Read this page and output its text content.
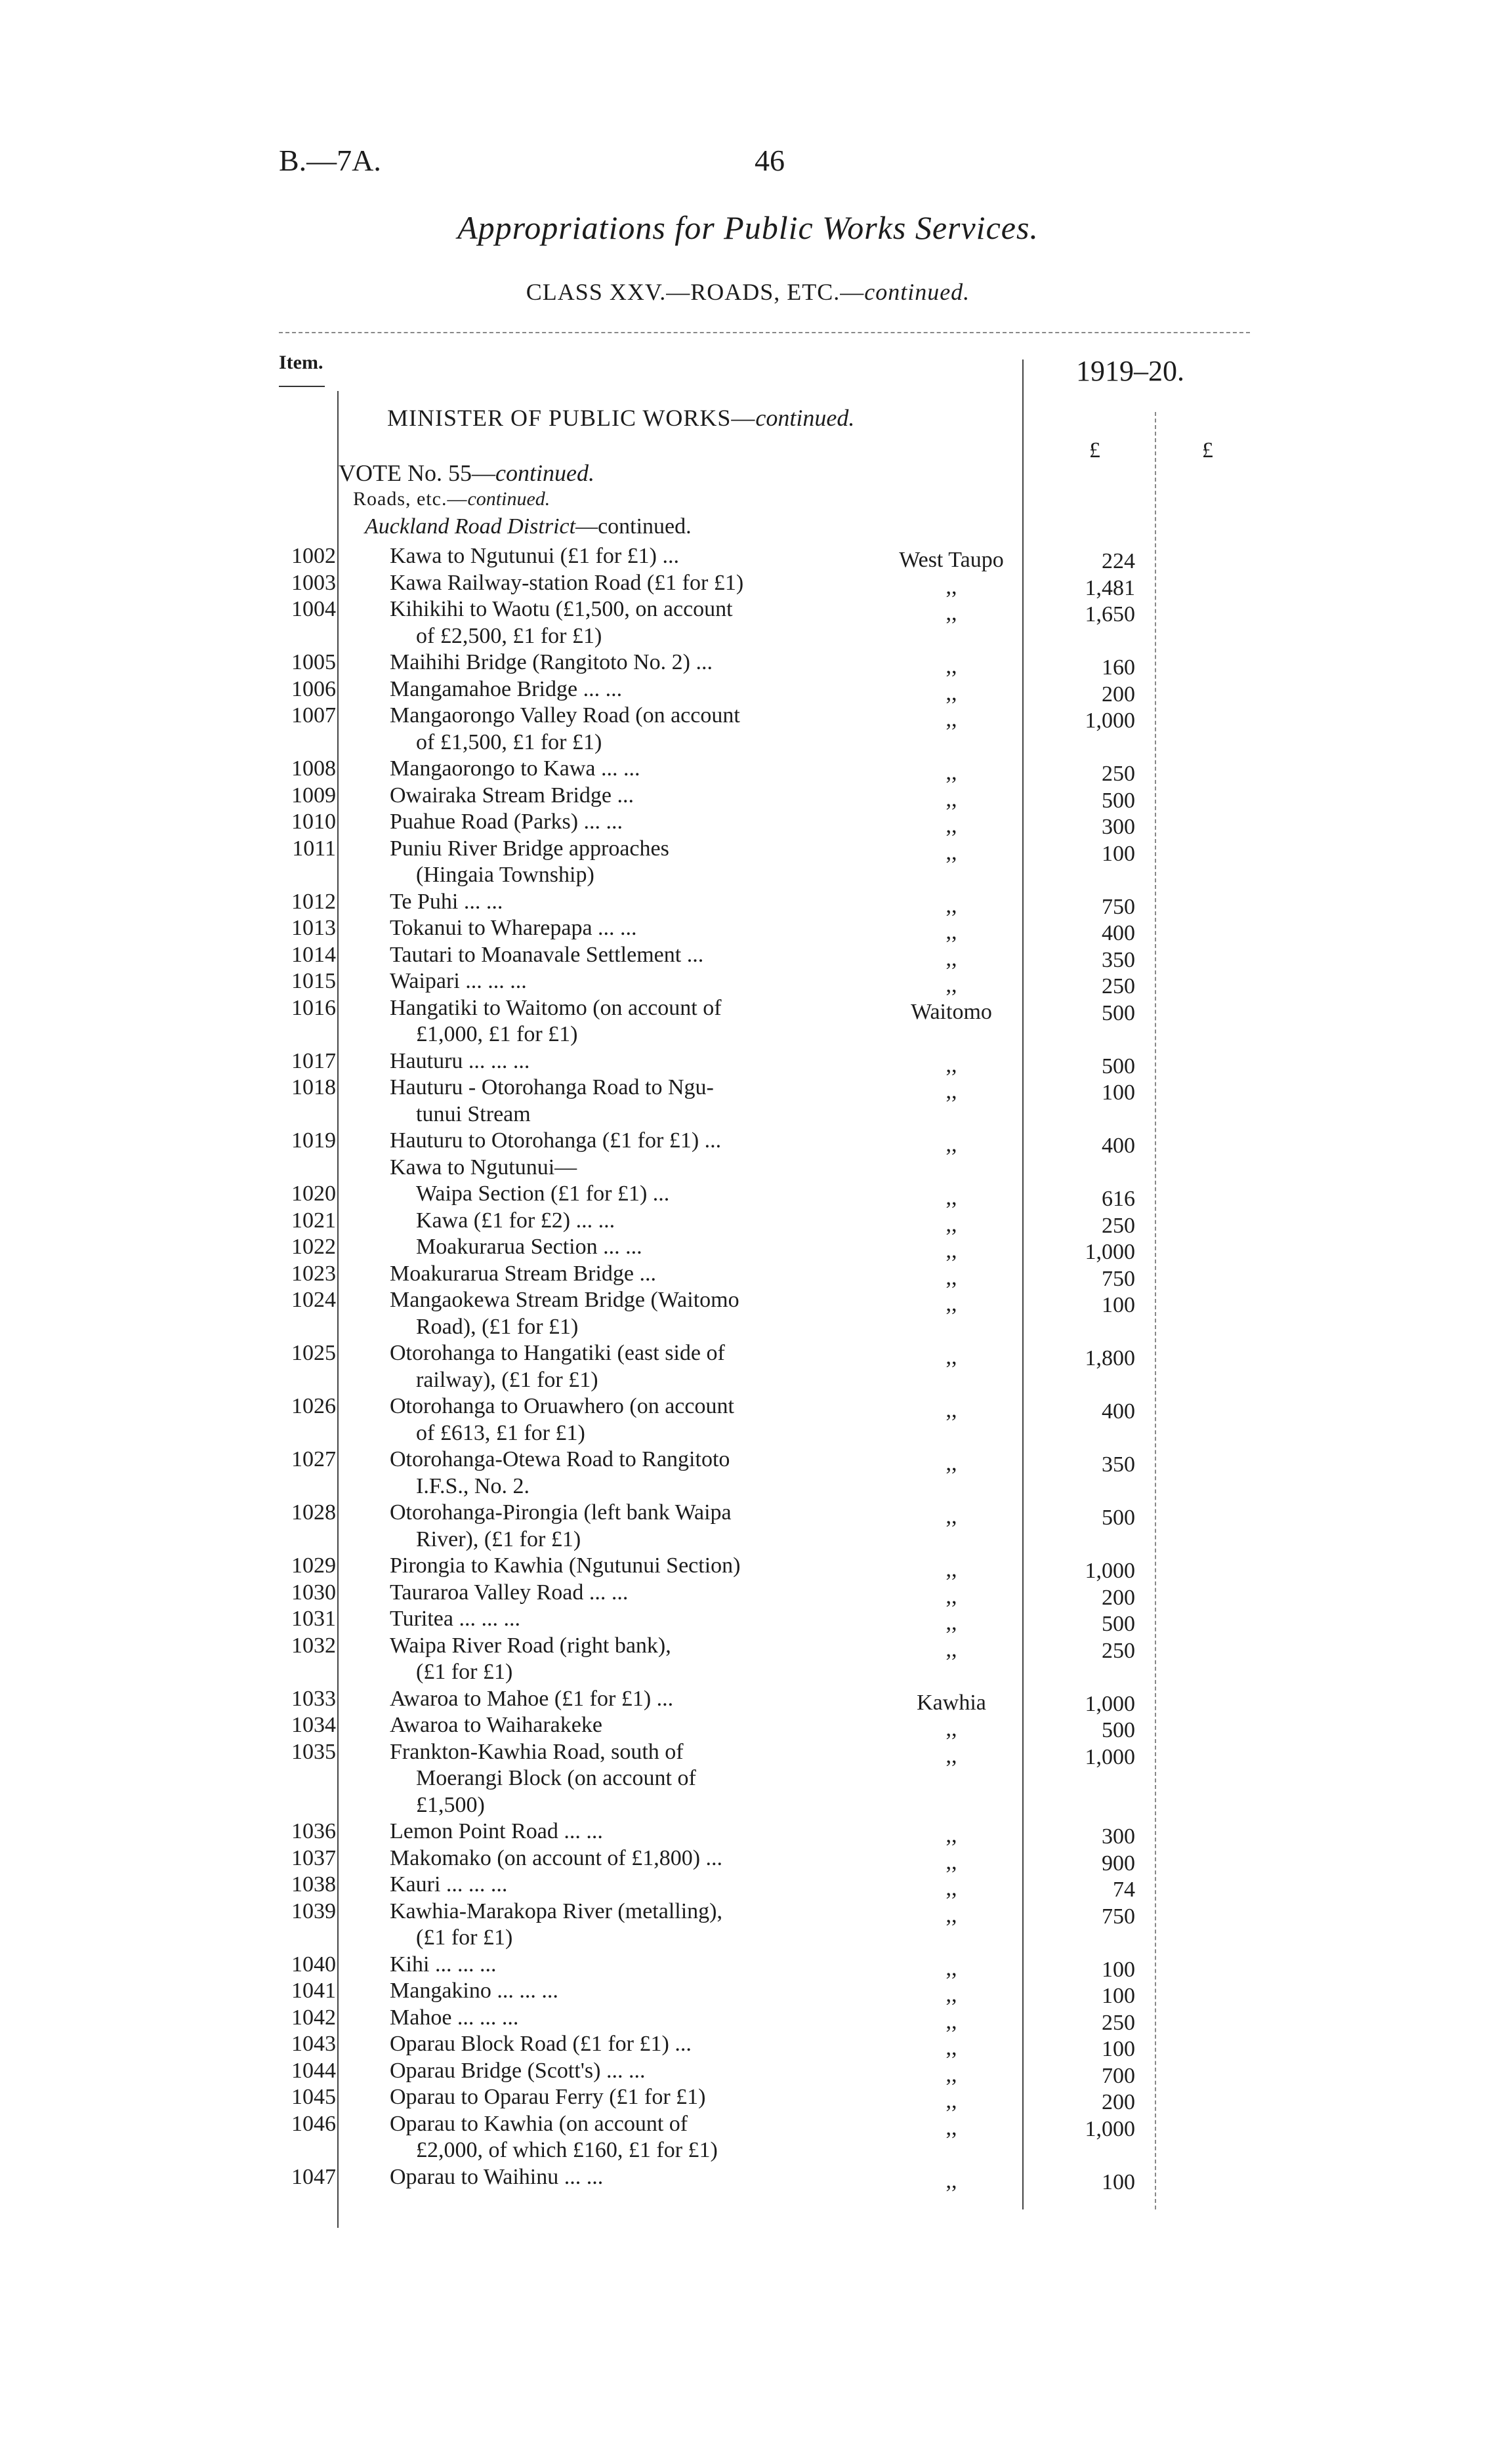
B.—7A.	46
Appropriations for Public Works Services.
CLASS XXV.—ROADS, ETC.—continued.
Item.	1919–20.
MINISTER OF PUBLIC WORKS—continued.
£	£
VOTE No. 55—continued.
Roads, etc.—continued.
Auckland Road District—continued.
1002 Kawa to Ngutunui (£1 for £1) ...	West Taupo	224
1003 Kawa Railway-station Road (£1 for £1)	,,	1,481
1004 Kihikihi to Waotu (£1,500, on account
of £2,500, £1 for £1)
,,	1,650
1005 Maihihi Bridge (Rangitoto No. 2) ...	,,	160
1006 Mangamahoe Bridge ... ...	,,	200
1007 Mangaorongo Valley Road (on account
of £1,500, £1 for £1)
,,	1,000
1008 Mangaorongo to Kawa ... ...	,,	250
1009 Owairaka Stream Bridge ...	,,	500
1010 Puahue Road (Parks) ... ...	,,	300
1011 Puniu River Bridge approaches
(Hingaia Township)
,,	100
1012 Te Puhi ... ...	,,	750
1013 Tokanui to Wharepapa ... ...	,,	400
1014 Tautari to Moanavale Settlement ...	,,	350
1015 Waipari ... ... ...	,,	250
1016 Hangatiki to Waitomo (on account of
£1,000, £1 for £1)
Waitomo	500
1017 Hauturu ... ... ...	,,	500
1018 Hauturu - Otorohanga Road to Ngu-
tunui Stream
,,	100
1019 Hauturu to Otorohanga (£1 for £1) ...	,,	400
Kawa to Ngutunui—
1020	Waipa Section (£1 for £1) ...	,,	616
1021	Kawa (£1 for £2) ... ...	,,	250
1022	Moakurarua Section ... ...	,,	1,000
1023 Moakurarua Stream Bridge ...	,,	750
1024 Mangaokewa Stream Bridge (Waitomo
Road), (£1 for £1)
,,	100
1025 Otorohanga to Hangatiki (east side of
railway), (£1 for £1)
,,	1,800
1026 Otorohanga to Oruawhero (on account
of £613, £1 for £1)
,,	400
1027 Otorohanga-Otewa Road to Rangitoto
I.F.S., No. 2.
,,	350
1028 Otorohanga-Pirongia (left bank Waipa
River), (£1 for £1)
,,	500
1029 Pirongia to Kawhia (Ngutunui Section)	,,	1,000
1030 Tauraroa Valley Road ... ...	,,	200
1031 Turitea ... ... ...	,,	500
1032 Waipa River Road (right bank),
(£1 for £1)
,,	250
1033 Awaroa to Mahoe (£1 for £1) ...	Kawhia	1,000
1034 Awaroa to Waiharakeke	,,	500
1035 Frankton-Kawhia Road, south of
Moerangi Block (on account of
£1,500)
,,	1,000
1036 Lemon Point Road ... ...	,,	300
1037 Makomako (on account of £1,800) ...	,,	900
1038 Kauri ... ... ...	,,	74
1039 Kawhia-Marakopa River (metalling),
(£1 for £1)
,,	750
1040 Kihi ... ... ...	,,	100
1041 Mangakino ... ... ...	,,	100
1042 Mahoe ... ... ...	,,	250
1043 Oparau Block Road (£1 for £1) ...	,,	100
1044 Oparau Bridge (Scott's) ... ...	,,	700
1045 Oparau to Oparau Ferry (£1 for £1)	,,	200
1046 Oparau to Kawhia (on account of
£2,000, of which £160, £1 for £1)
,,	1,000
1047 Oparau to Waihinu ... ...	,,	100
